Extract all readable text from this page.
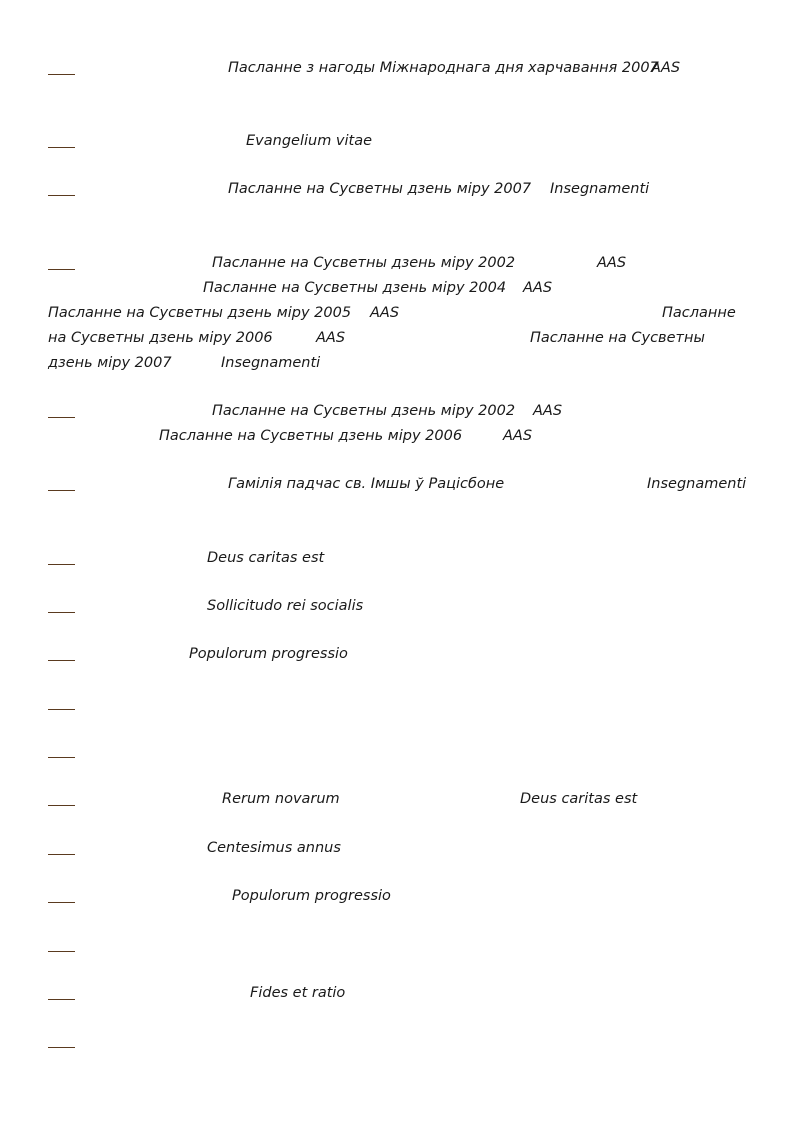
Пасланне з нагоды Міжнароднага дня харчавання 2007
AAS
Evangelium vitae
Пасланне на Сусветны дзень міру 2007 Insegnamenti
Пасланне на Сусветны дзень міру 2002	AAS
Пасланне на Сусветны дзень міру 2004 AAS
Пасланне на Сусветны дзень міру 2005 AAS	Пасланне
на Сусветны дзень міру 2006	AAS	Пасланне на Сусветны
дзень міру 2007	Insegnamenti
Пасланне на Сусветны дзень міру 2002 AAS
Пасланне на Сусветны дзень міру 2006	AAS
Гамілія падчас св. Імшы ў Рацісбоне	Insegnamenti
Deus caritas est
Sollicitudo rei socialis
Populorum progressio
Rerum novarum	Deus caritas est
Centesimus annus
Populorum progressio
Fides et ratio
